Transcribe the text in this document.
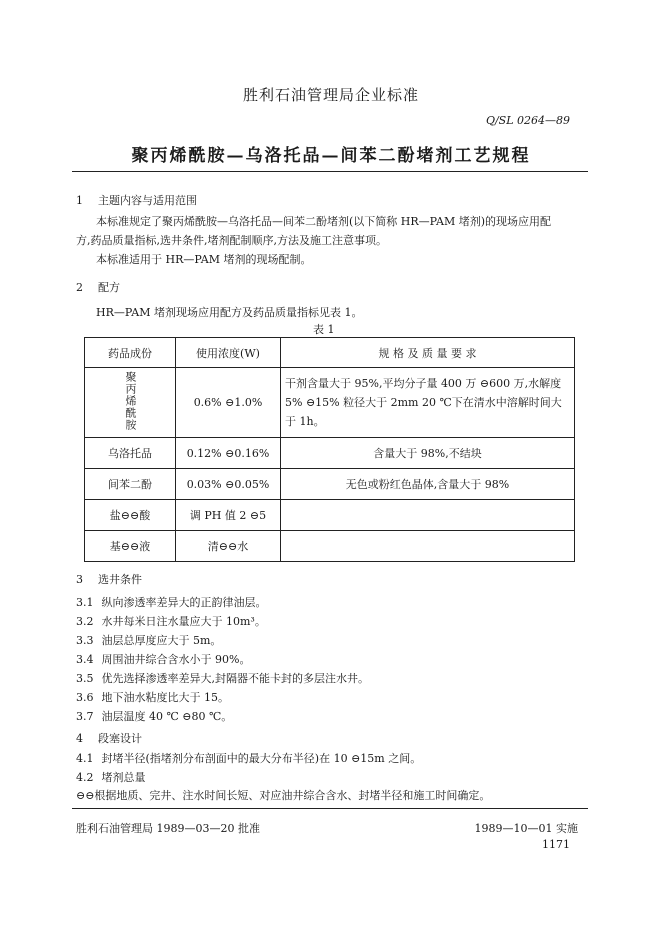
胜利石油管理局企业标准
Q/SL 0264—89
聚丙烯酰胺—乌洛托品—间苯二酚堵剂工艺规程
1 主题内容与适用范围
本标准规定了聚丙烯酰胺—乌洛托品—间苯二酚堵剂(以下简称 HR—PAM 堵剂)的现场应用配
方,药品质量指标,选井条件,堵剂配制顺序,方法及施工注意事项。
本标准适用于 HR—PAM 堵剂的现场配制。
2 配方
HR—PAM 堵剂现场应用配方及药品质量指标见表 1。
表 1
药品成份	使用浓度(W)	规 格 及 质 量 要 求
聚丙烯酰胺	0.6% ⊖1.0%	干剂含量大于 95%,平均分子量 400 万 ⊖600 万,水解度 5% ⊖15% 粒径大于 2mm 20 ℃下在清水中溶解时间大于 1h。
乌洛托品	0.12% ⊖0.16%	含量大于 98%,不结块
间苯二酚	0.03% ⊖0.05%	无色或粉红色晶体,含量大于 98%
盐⊖⊖酸	调 PH 值 2 ⊖5	
基⊖⊖液	清⊖⊖水	
3 选井条件
3.1 纵向渗透率差异大的正韵律油层。
3.2 水井每米日注水量应大于 10m³。
3.3 油层总厚度应大于 5m。
3.4 周围油井综合含水小于 90%。
3.5 优先选择渗透率差异大,封隔器不能卡封的多层注水井。
3.6 地下油水粘度比大于 15。
3.7 油层温度 40 ℃ ⊖80 ℃。
4 段塞设计
4.1 封堵半径(指堵剂分布剖面中的最大分布半径)在 10 ⊖15m 之间。
4.2 堵剂总量
⊖⊖根据地质、完井、注水时间长短、对应油井综合含水、封堵半径和施工时间确定。
胜利石油管理局 1989—03—20 批准	1989—10—01 实施
1171
